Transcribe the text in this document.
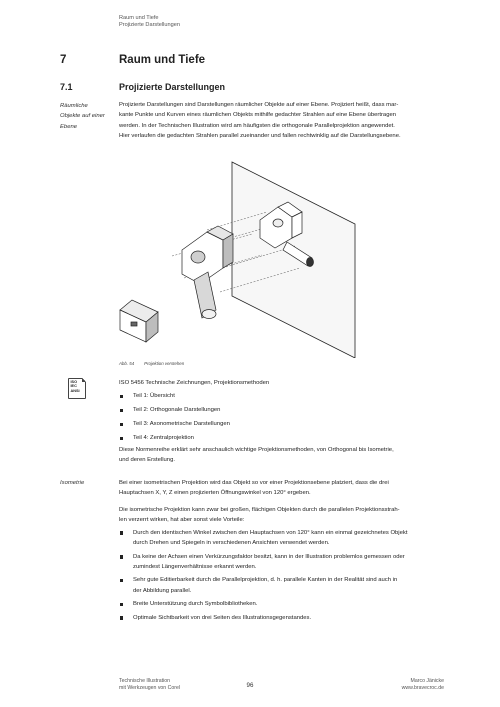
Raum und Tiefe
Projizierte Darstellungen
7	Raum und Tiefe
7.1	Projizierte Darstellungen
Räumliche
Objekte auf einer
Ebene
Projizierte Darstellungen sind Darstellungen räumlicher Objekte auf einer Ebene. Projiziert heißt, dass mar-
kante Punkte und Kurven eines räumlichen Objekts mithilfe gedachter Strahlen auf eine Ebene übertragen
werden. In der Technischen Illustration wird am häufigsten die orthogonale Parallelprojektion angewendet.
Hier verlaufen die gedachten Strahlen parallel zueinander und fallen rechtwinklig auf die Darstellungsebene.
Abb. 54 Projektion verstehen
ISO
IEC
ANSI
ISO 5456 Technische Zeichnungen, Projektionsmethoden
Teil 1: Übersicht
Teil 2: Orthogonale Darstellungen
Teil 3: Axonometrische Darstellungen
Teil 4: Zentralprojektion
Diese Normenreihe erklärt sehr anschaulich wichtige Projektionsmethoden, von Orthogonal bis Isometrie,
und deren Erstellung.
Isometrie	Bei einer isometrischen Projektion wird das Objekt so vor einer Projektionsebene platziert, dass die drei
Hauptachsen X, Y, Z einen projizierten Öffnungswinkel von 120° ergeben.
Die isometrische Projektion kann zwar bei großen, flächigen Objekten durch die parallelen Projektionsstrah-
len verzerrt wirken, hat aber sonst viele Vorteile:
Durch den identischen Winkel zwischen den Hauptachsen von 120° kann ein einmal gezeichnetes Objekt
durch Drehen und Spiegeln in verschiedenen Ansichten verwendet werden.
Da keine der Achsen einen Verkürzungsfaktor besitzt, kann in der Illustration problemlos gemessen oder
zumindest Längenverhältnisse erkannt werden.
Sehr gute Editierbarkeit durch die Parallelprojektion, d. h. parallele Kanten in der Realität sind auch in
der Abbildung parallel.
Breite Unterstützung durch Symbolbibliotheken.
Optimale Sichtbarkeit von drei Seiten des Illustrationsgegenstandes.
Technische Illustration
mit Werkzeugen von Corel	96
Marco Jänicke
www.bravecroc.de
